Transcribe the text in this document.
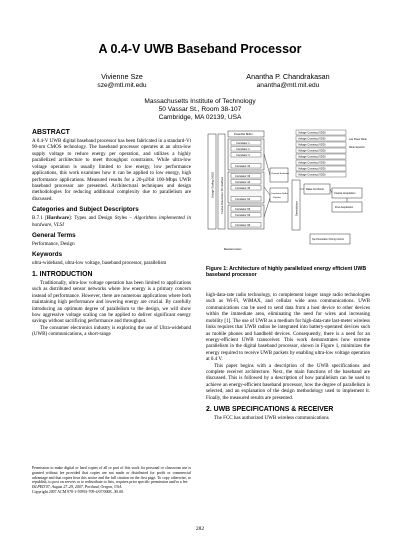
A 0.4-V UWB Baseband Processor
Vivienne Sze
sze@mtl.mit.edu
Anantha P. Chandrakasan
anantha@mtl.mit.edu
Massachusetts Institute of Technology
50 Vassar St., Room 38-107
Cambridge, MA 02139, USA
ABSTRACT

A 0.4-V UWB digital baseband processor has been fabricated in a standard-Vt 90-nm CMOS technology. The baseband processor operates at an ultra-low supply voltage to reduce energy per operation, and utilizes a highly parallelized architecture to meet throughput constraints. While ultra-low voltage operation is usually limited to low energy, low performance applications, this work examines how it can be applied to low energy, high performance applications. Measured results for a 20-μJ/bit 100-Mbps UWB baseband processor are presented. Architectural techniques and design methodologies for reducing additional complexity due to parallelism are discussed.

Categories and Subject Descriptors

B.7.1 [Hardware]: Types and Design Styles – Algorithms implemented in hardware, VLSI

General Terms

Performance, Design

Keywords

ultra-wideband, ultra-low voltage, baseband processor, parallelism

1. INTRODUCTION

Traditionally, ultra-low voltage operation has been limited to applications such as distributed sensor networks where low energy is a primary concern instead of performance. However, there are numerous applications where both maintaining high performance and lowering energy are crucial. By carefully introducing an optimum degree of parallelism to the design, we will show how aggressive voltage scaling can be applied to deliver significant energy savings without sacrificing performance and throughput.

The consumer electronics industry is exploring the use of Ultra-wideband (UWB) communications, a short-range

Permission to make digital or hard copies of all or part of this work for personal or classroom use is granted without fee provided that copies are not made or distributed for profit or commercial advantage and that copies bear this notice and the full citation on the first page. To copy otherwise, to republish, to post on servers or to redistribute to lists, requires prior specific permission and/or a fee.

ISLPED'07, August 27–29, 2007, Portland, Oregon, USA.

Copyright 2007 ACM 978-1-59593-709-4/07/0008...$5.00.

Voltage Scaling (VDD)	Coarse Data Rate / I/O Interface
Preamble Buffer
Correlator 1
Correlator 2
Correlator 3
Correlator 32
Correlator 33
Correlator 34
Correlator 35
Correlator 64
Correlator 65
Correlator 66
Correlator 96
Channel Estimator
Correlation Buffer
Pipeline
Voltage Crossing (VDD)
Voltage Crossing (VDD)
Voltage Crossing (VDD)
Voltage Crossing (VDD)
Voltage Crossing (VDD)
Voltage Crossing (VDD)
Voltage Crossing (VDD)
Voltage Crossing (VDD)
Low Power Mode
Mode Selection
Demodulator
Rake Combiner
Coarse Acquisition
Fine Acquisition
Synchronization Timing Control
Baseband output
Figure 1: Architecture of highly parallelized energy efficient UWB baseband processor

high-data-rate radio technology, to complement longer range radio technologies such as Wi-Fi, WiMAX, and cellular wide area communications. UWB communications can be used to send data from a host device to other devices within the immediate area, eliminating the need for wires and increasing mobility [1]. The use of UWB as a medium for high-data-rate last-meter wireless links requires that UWB radios be integrated into battery-operated devices such as mobile phones and handheld devices. Consequently, there is a need for an energy-efficient UWB transceiver. This work demonstrates how extreme parallelism in the digital baseband processor, shown in Figure 1, minimizes the energy required to receive UWB packets by enabling ultra-low voltage operation at 0.4 V.

This paper begins with a description of the UWB specifications and complete receiver architecture. Next, the main functions of the baseband are discussed. This is followed by a description of how parallelism can be used to achieve an energy-efficient baseband processor, how the degree of parallelism is selected, and an explanation of the design methodology used to implement it. Finally, the measured results are presented.

2. UWB SPECIFICATIONS & RECEIVER

The FCC has authorized UWB wireless communications

282
